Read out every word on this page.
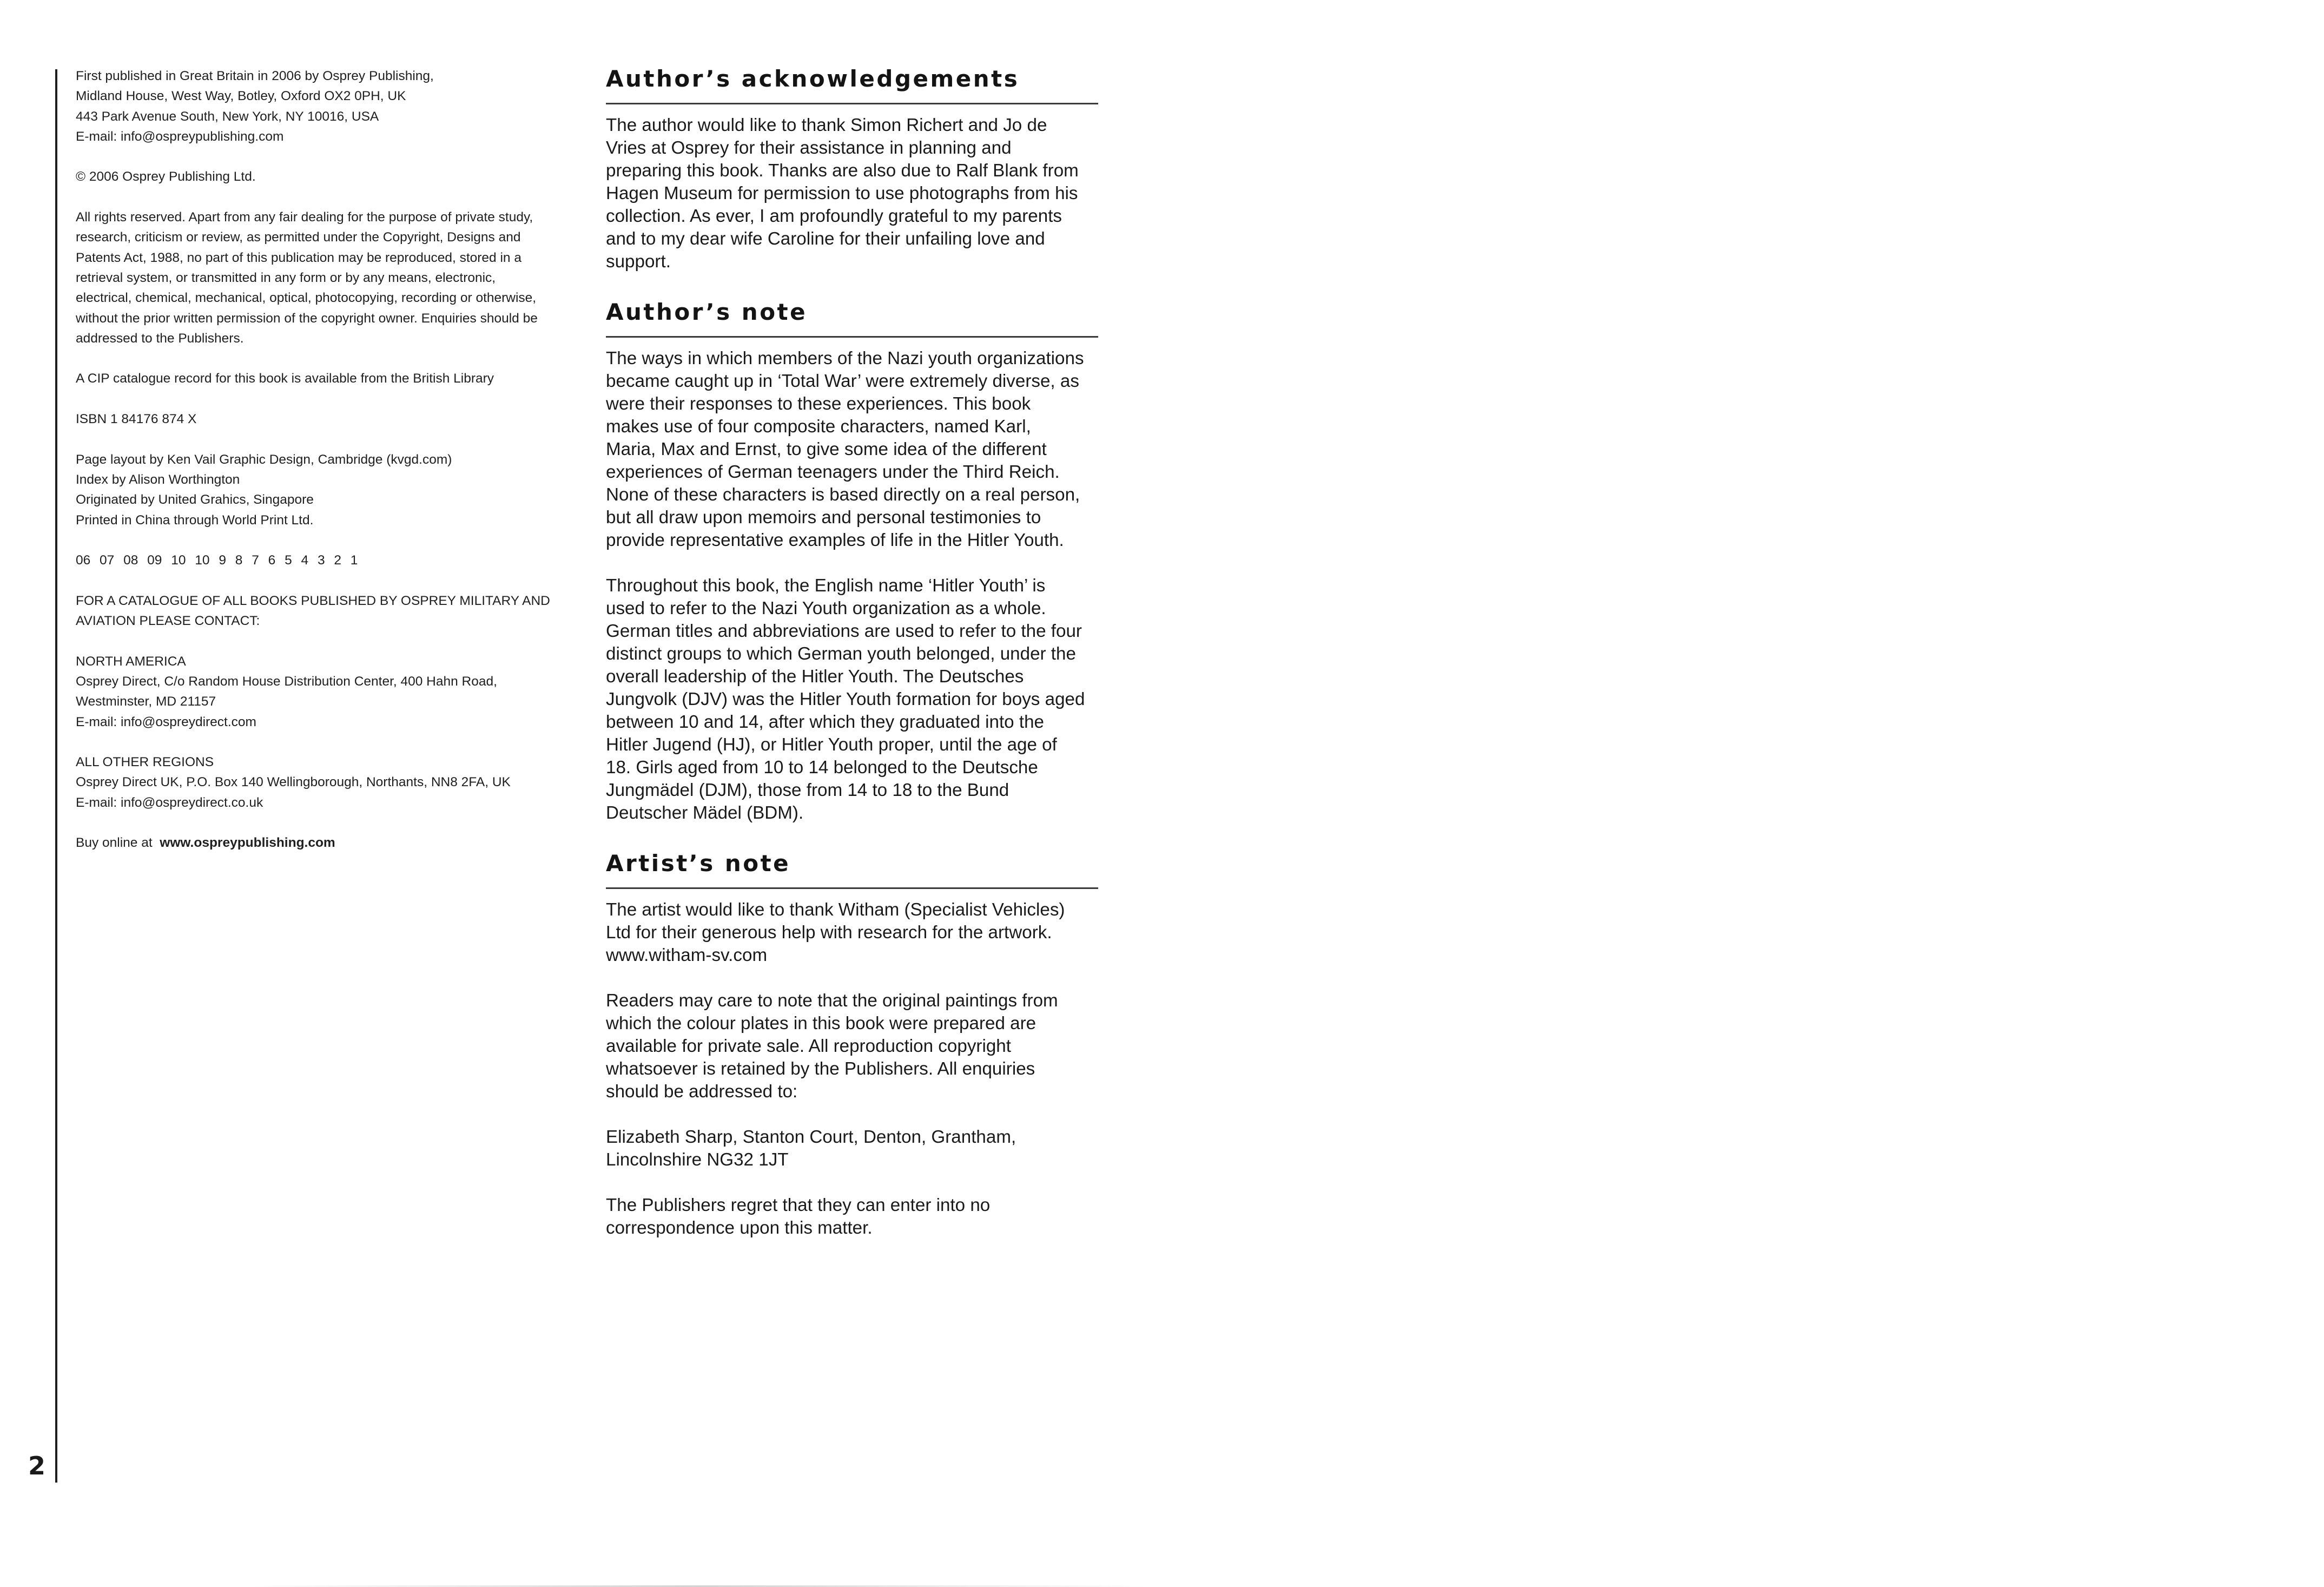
2

First published in Great Britain in 2006 by Osprey Publishing,
Midland House, West Way, Botley, Oxford OX2 0PH, UK
443 Park Avenue South, New York, NY 10016, USA
E-mail: info@ospreypublishing.com

© 2006 Osprey Publishing Ltd.

All rights reserved. Apart from any fair dealing for the purpose of private study,
research, criticism or review, as permitted under the Copyright, Designs and
Patents Act, 1988, no part of this publication may be reproduced, stored in a
retrieval system, or transmitted in any form or by any means, electronic,
electrical, chemical, mechanical, optical, photocopying, recording or otherwise,
without the prior written permission of the copyright owner. Enquiries should be
addressed to the Publishers.

A CIP catalogue record for this book is available from the British Library

ISBN 1 84176 874 X

Page layout by Ken Vail Graphic Design, Cambridge (kvgd.com)
Index by Alison Worthington
Originated by United Grahics, Singapore
Printed in China through World Print Ltd.

06 07 08 09 10 10 9 8 7 6 5 4 3 2 1

FOR A CATALOGUE OF ALL BOOKS PUBLISHED BY OSPREY MILITARY AND
AVIATION PLEASE CONTACT:

NORTH AMERICA
Osprey Direct, C/o Random House Distribution Center, 400 Hahn Road,
Westminster, MD 21157
E-mail: info@ospreydirect.com

ALL OTHER REGIONS
Osprey Direct UK, P.O. Box 140 Wellingborough, Northants, NN8 2FA, UK
E-mail: info@ospreydirect.co.uk

Buy online at www.ospreypublishing.com

Author’s acknowledgements

The author would like to thank Simon Richert and Jo de
Vries at Osprey for their assistance in planning and
preparing this book. Thanks are also due to Ralf Blank from
Hagen Museum for permission to use photographs from his
collection. As ever, I am profoundly grateful to my parents
and to my dear wife Caroline for their unfailing love and
support.

Author’s note

The ways in which members of the Nazi youth organizations
became caught up in ‘Total War’ were extremely diverse, as
were their responses to these experiences. This book
makes use of four composite characters, named Karl,
Maria, Max and Ernst, to give some idea of the different
experiences of German teenagers under the Third Reich.
None of these characters is based directly on a real person,
but all draw upon memoirs and personal testimonies to
provide representative examples of life in the Hitler Youth.

Throughout this book, the English name ‘Hitler Youth’ is
used to refer to the Nazi Youth organization as a whole.
German titles and abbreviations are used to refer to the four
distinct groups to which German youth belonged, under the
overall leadership of the Hitler Youth. The Deutsches
Jungvolk (DJV) was the Hitler Youth formation for boys aged
between 10 and 14, after which they graduated into the
Hitler Jugend (HJ), or Hitler Youth proper, until the age of
18. Girls aged from 10 to 14 belonged to the Deutsche
Jungmädel (DJM), those from 14 to 18 to the Bund
Deutscher Mädel (BDM).

Artist’s note

The artist would like to thank Witham (Specialist Vehicles)
Ltd for their generous help with research for the artwork.
www.witham-sv.com

Readers may care to note that the original paintings from
which the colour plates in this book were prepared are
available for private sale. All reproduction copyright
whatsoever is retained by the Publishers. All enquiries
should be addressed to:

Elizabeth Sharp, Stanton Court, Denton, Grantham,
Lincolnshire NG32 1JT

The Publishers regret that they can enter into no
correspondence upon this matter.
